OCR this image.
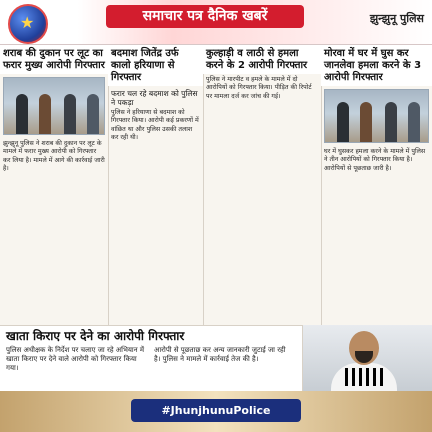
★	समाचार पत्र दैनिक खबरें	झुन्झुनू पुलिस
शराब की दुकान पर लूट का फरार मुख्य आरोपी गिरफ्तार
झुन्झुनू पुलिस ने शराब की दुकान पर लूट के मामले में फरार मुख्य आरोपी को गिरफ्तार कर लिया है। मामले में आगे की कार्रवाई जारी है।
बदमाश जितेंद्र उर्फ कालो हरियाणा से गिरफ्तार
फरार चल रहे बदमाश को पुलिस ने पकड़ा
पुलिस ने हरियाणा से बदमाश को गिरफ्तार किया। आरोपी कई प्रकरणों में वांछित था और पुलिस उसकी तलाश कर रही थी।
कुल्हाड़ी व लाठी से हमला करने के 2 आरोपी गिरफ्तार
पुलिस ने मारपीट व हमले के मामले में दो आरोपियों को गिरफ्तार किया। पीड़ित की रिपोर्ट पर मामला दर्ज कर जांच की गई।
मोरवा में घर में घुस कर जानलेवा हमला करने के 3 आरोपी गिरफ्तार
घर में घुसकर हमला करने के मामले में पुलिस ने तीन आरोपियों को गिरफ्तार किया है। आरोपियों से पूछताछ जारी है।
खाता किराए पर देने का आरोपी गिरफ्तार
पुलिस अधीक्षक के निर्देश पर चलाए जा रहे अभियान में खाता किराए पर देने वाले आरोपी को गिरफ्तार किया गया।
आरोपी से पूछताछ कर अन्य जानकारी जुटाई जा रही है। पुलिस ने मामले में कार्रवाई तेज की है।
#JhunjhunuPolice
